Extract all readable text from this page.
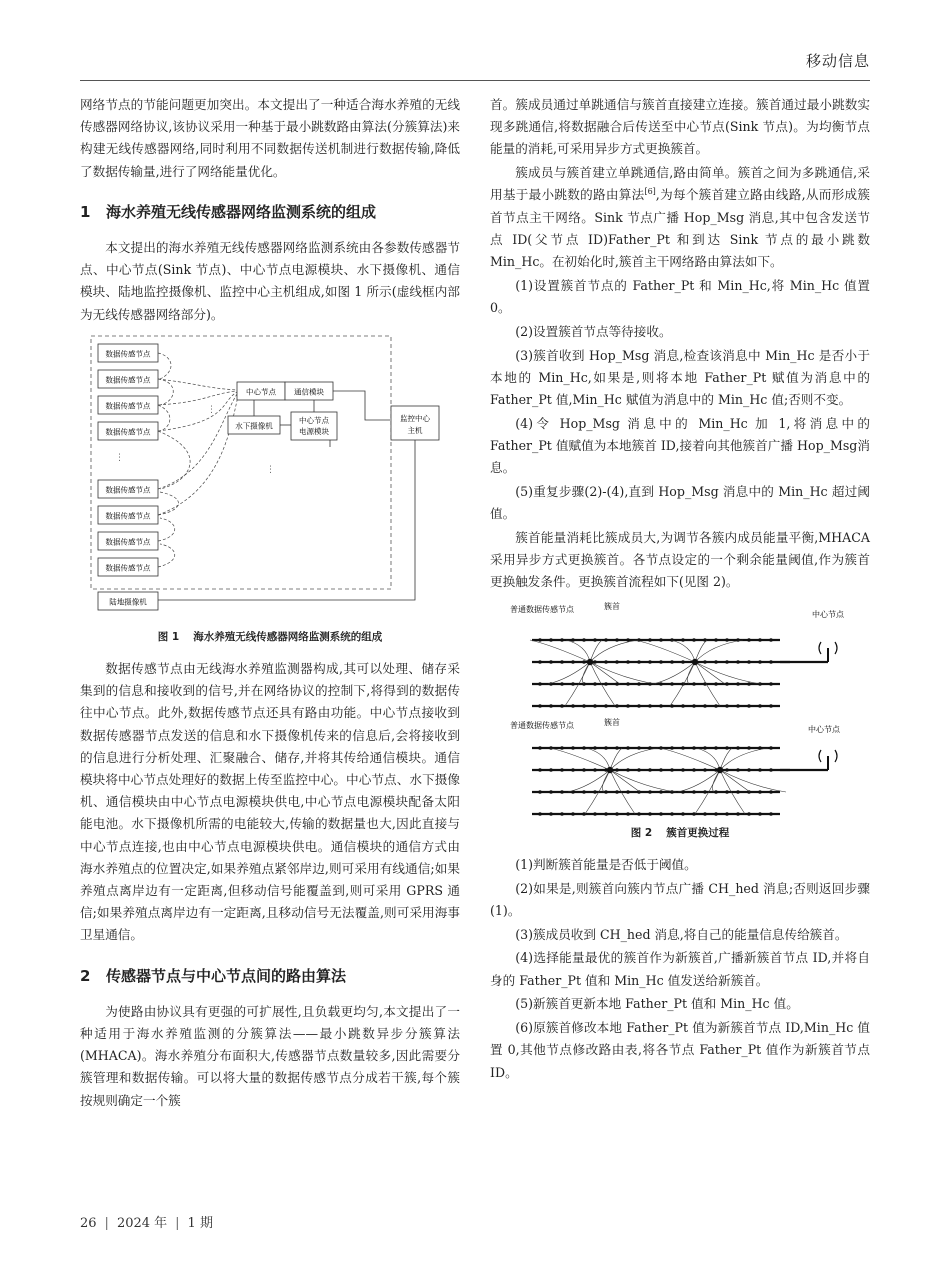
移动信息

网络节点的节能问题更加突出。本文提出了一种适合海水养殖的无线传感器网络协议,该协议采用一种基于最小跳数路由算法(分簇算法)来构建无线传感器网络,同时利用不同数据传送机制进行数据传输,降低了数据传输量,进行了网络能量优化。

1 海水养殖无线传感器网络监测系统的组成

本文提出的海水养殖无线传感器网络监测系统由各参数传感器节点、中心节点(Sink 节点)、中心节点电源模块、水下摄像机、通信模块、陆地监控摄像机、监控中心主机组成,如图 1 所示(虚线框内部为无线传感器网络部分)。

数据传感节点
数据传感节点
数据传感节点
数据传感节点
⋮
数据传感节点
数据传感节点
数据传感节点
数据传感节点
中心节点 通信模块
水下摄像机
中心节点
电源模块
⋮
⋮
监控中心
主机
陆地摄像机
图 1 海水养殖无线传感器网络监测系统的组成

数据传感节点由无线海水养殖监测器构成,其可以处理、储存采集到的信息和接收到的信号,并在网络协议的控制下,将得到的数据传往中心节点。此外,数据传感节点还具有路由功能。中心节点接收到数据传感器节点发送的信息和水下摄像机传来的信息后,会将接收到的信息进行分析处理、汇聚融合、储存,并将其传给通信模块。通信模块将中心节点处理好的数据上传至监控中心。中心节点、水下摄像机、通信模块由中心节点电源模块供电,中心节点电源模块配备太阳能电池。水下摄像机所需的电能较大,传输的数据量也大,因此直接与中心节点连接,也由中心节点电源模块供电。通信模块的通信方式由海水养殖点的位置决定,如果养殖点紧邻岸边,则可采用有线通信;如果养殖点离岸边有一定距离,但移动信号能覆盖到,则可采用 GPRS 通信;如果养殖点离岸边有一定距离,且移动信号无法覆盖,则可采用海事卫星通信。

2 传感器节点与中心节点间的路由算法

为使路由协议具有更强的可扩展性,且负载更均匀,本文提出了一种适用于海水养殖监测的分簇算法——最小跳数异步分簇算法(MHACA)。海水养殖分布面积大,传感器节点数量较多,因此需要分簇管理和数据传输。可以将大量的数据传感节点分成若干簇,每个簇按规则确定一个簇

首。簇成员通过单跳通信与簇首直接建立连接。簇首通过最小跳数实现多跳通信,将数据融合后传送至中心节点(Sink 节点)。为均衡节点能量的消耗,可采用异步方式更换簇首。

簇成员与簇首建立单跳通信,路由简单。簇首之间为多跳通信,采用基于最小跳数的路由算法[6],为每个簇首建立路由线路,从而形成簇首节点主干网络。Sink 节点广播 Hop_Msg 消息,其中包含发送节点 ID(父节点 ID)Father_Pt 和到达 Sink 节点的最小跳数 Min_Hc。在初始化时,簇首主干网络路由算法如下。

(1)设置簇首节点的 Father_Pt 和 Min_Hc,将 Min_Hc 值置 0。

(2)设置簇首节点等待接收。

(3)簇首收到 Hop_Msg 消息,检查该消息中 Min_Hc 是否小于本地的 Min_Hc,如果是,则将本地 Father_Pt 赋值为消息中的 Father_Pt 值,Min_Hc 赋值为消息中的 Min_Hc 值;否则不变。

(4)令 Hop_Msg 消息中的 Min_Hc 加 1,将消息中的 Father_Pt 值赋值为本地簇首 ID,接着向其他簇首广播 Hop_Msg消息。

(5)重复步骤(2)-(4),直到 Hop_Msg 消息中的 Min_Hc 超过阈值。

簇首能量消耗比簇成员大,为调节各簇内成员能量平衡,MHACA 采用异步方式更换簇首。各节点设定的一个剩余能量阈值,作为簇首更换触发条件。更换簇首流程如下(见图 2)。

普通数据传感节点	簇首
中心节点
普通数据传感节点	簇首
中心节点
图 2 簇首更换过程

(1)判断簇首能量是否低于阈值。

(2)如果是,则簇首向簇内节点广播 CH_hed 消息;否则返回步骤(1)。

(3)簇成员收到 CH_hed 消息,将自己的能量信息传给簇首。

(4)选择能量最优的簇首作为新簇首,广播新簇首节点 ID,并将自身的 Father_Pt 值和 Min_Hc 值发送给新簇首。

(5)新簇首更新本地 Father_Pt 值和 Min_Hc 值。

(6)原簇首修改本地 Father_Pt 值为新簇首节点 ID,Min_Hc 值置 0,其他节点修改路由表,将各节点 Father_Pt 值作为新簇首节点 ID。

26 | 2024 年 | 1 期
